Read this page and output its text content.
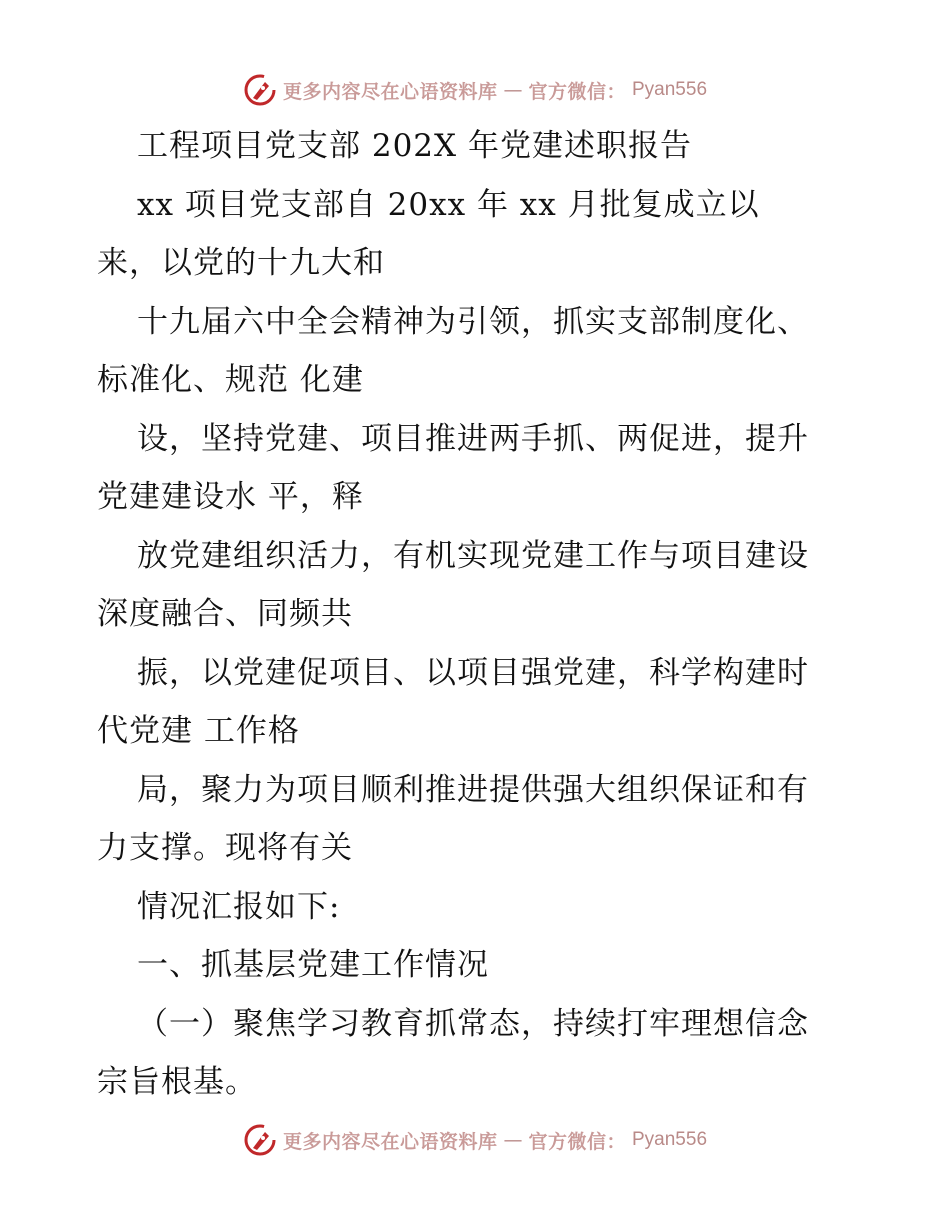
更多内容尽在心语资料库 — 官方微信： Pyan556
工程项目党支部 202X 年党建述职报告
xx 项目党支部自 20xx 年 xx 月批复成立以
来，以党的十九大和
十九届六中全会精神为引领，抓实支部制度化、
标准化、规范 化建
设，坚持党建、项目推进两手抓、两促进，提升
党建建设水 平，释
放党建组织活力，有机实现党建工作与项目建设
深度融合、同频共
振，以党建促项目、以项目强党建，科学构建时
代党建 工作格
局，聚力为项目顺利推进提供强大组织保证和有
力支撑。现将有关
情况汇报如下:
一、抓基层党建工作情况
（一）聚焦学习教育抓常态，持续打牢理想信念
宗旨根基。
更多内容尽在心语资料库 — 官方微信： Pyan556
